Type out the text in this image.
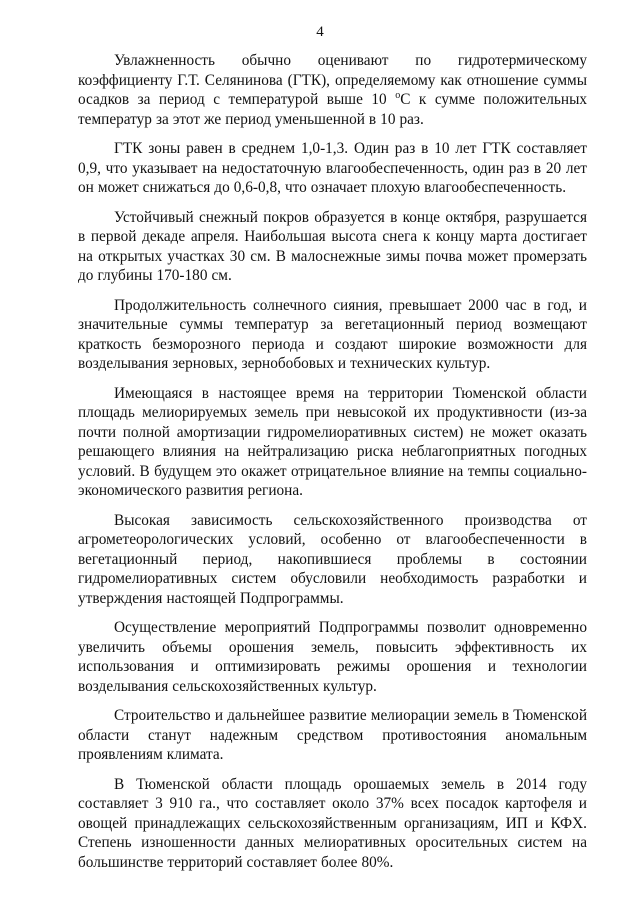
4

Увлажненность обычно оценивают по гидротермическому коэффициенту Г.Т. Селянинова (ГТК), определяемому как отношение суммы осадков за период с температурой выше 10 $^о$С к сумме положительных температур за этот же период уменьшенной в 10 раз.

ГТК зоны равен в среднем 1,0-1,3. Один раз в 10 лет ГТК составляет 0,9, что указывает на недостаточную влагообеспеченность, один раз в 20 лет он может снижаться до 0,6-0,8, что означает плохую влагообеспеченность.

Устойчивый снежный покров образуется в конце октября, разрушается в первой декаде апреля. Наибольшая высота снега к концу марта достигает на открытых участках 30 см. В малоснежные зимы почва может промерзать до глубины 170-180 см.

Продолжительность солнечного сияния, превышает 2000 час в год, и значительные суммы температур за вегетационный период возмещают краткость безморозного периода и создают широкие возможности для возделывания зерновых, зернобобовых и технических культур.

Имеющаяся в настоящее время на территории Тюменской области площадь мелиорируемых земель при невысокой их продуктивности (из-за почти полной амортизации гидромелиоративных систем) не может оказать решающего влияния на нейтрализацию риска неблагоприятных погодных условий. В будущем это окажет отрицательное влияние на темпы социально-экономического развития региона.

Высокая зависимость сельскохозяйственного производства от агрометеорологических условий, особенно от влагообеспеченности в вегетационный период, накопившиеся проблемы в состоянии гидромелиоративных систем обусловили необходимость разработки и утверждения настоящей Подпрограммы.

Осуществление мероприятий Подпрограммы позволит одновременно увеличить объемы орошения земель, повысить эффективность их использования и оптимизировать режимы орошения и технологии возделывания сельскохозяйственных культур.

Строительство и дальнейшее развитие мелиорации земель в Тюменской области станут надежным средством противостояния аномальным проявлениям климата.

В Тюменской области площадь орошаемых земель в 2014 году составляет 3 910 га., что составляет около 37% всех посадок картофеля и овощей принадлежащих сельскохозяйственным организациям, ИП и КФХ. Степень изношенности данных мелиоративных оросительных систем на большинстве территорий составляет более 80%.
